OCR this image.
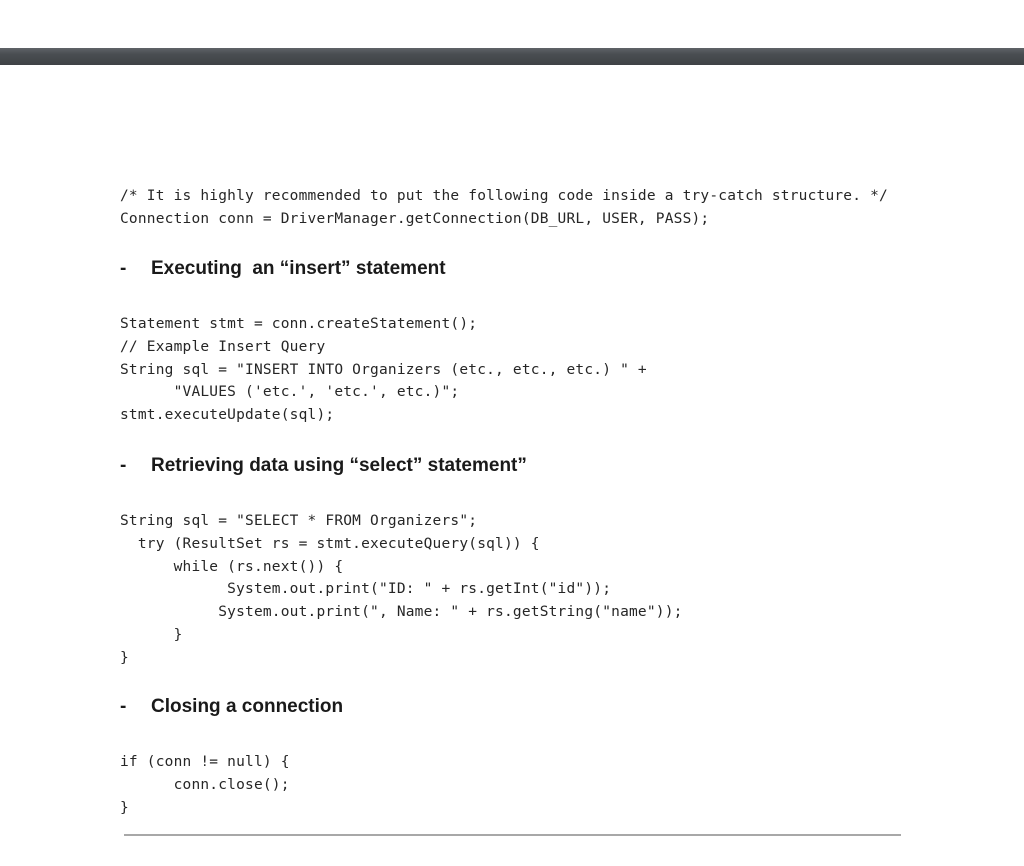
/* It is highly recommended to put the following code inside a try-catch structure. */
Connection conn = DriverManager.getConnection(DB_URL, USER, PASS);
- Executing  an “insert” statement
Statement stmt = conn.createStatement();
// Example Insert Query
String sql = "INSERT INTO Organizers (etc., etc., etc.) " +
"VALUES ('etc.', 'etc.', etc.)";
stmt.executeUpdate(sql);
- Retrieving data using “select” statement”
String sql = "SELECT * FROM Organizers";
try (ResultSet rs = stmt.executeQuery(sql)) {
while (rs.next()) {
System.out.print("ID: " + rs.getInt("id"));
System.out.print(", Name: " + rs.getString("name"));
}
}
- Closing a connection
if (conn != null) {
conn.close();
}
